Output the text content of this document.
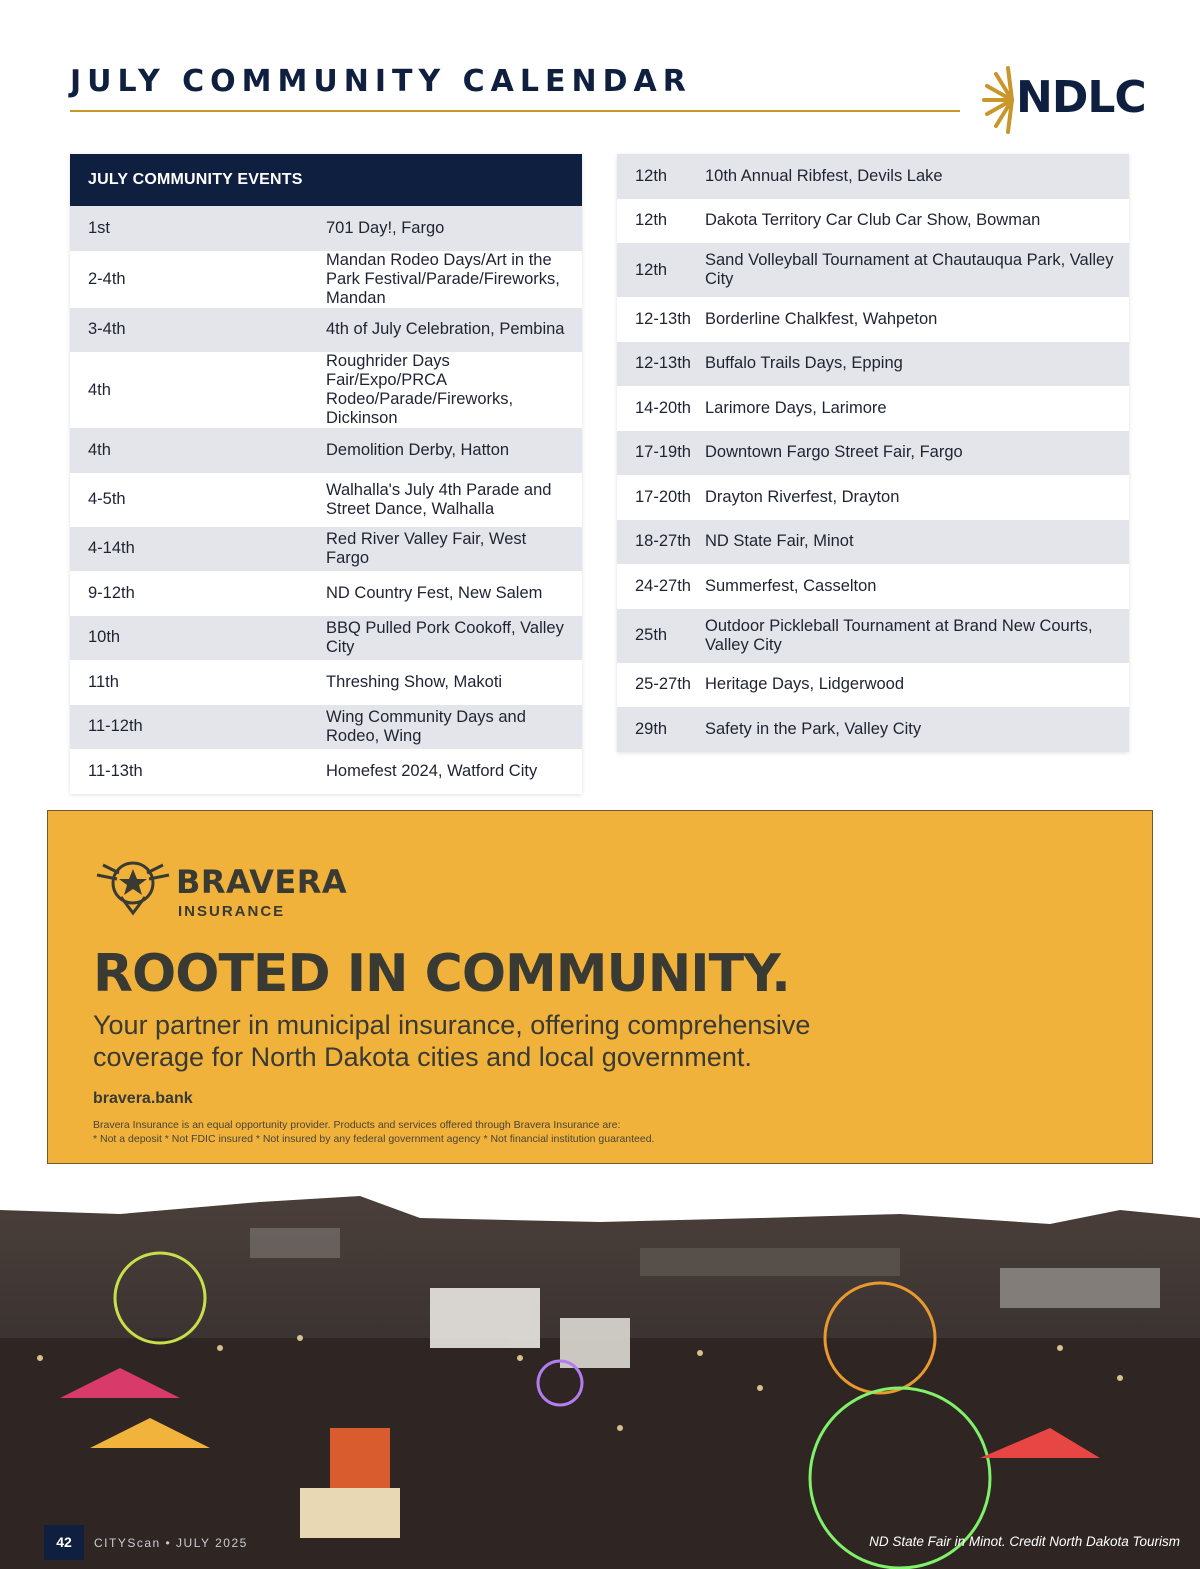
JULY COMMUNITY CALENDAR	NDLC
JULY COMMUNITY EVENTS	
1st	701 Day!, Fargo
2-4th	Mandan Rodeo Days/Art in the Park Festival/Parade/Fireworks, Mandan
3-4th	4th of July Celebration, Pembina
4th	Roughrider Days Fair/Expo/PRCA Rodeo/Parade/Fireworks, Dickinson
4th	Demolition Derby, Hatton
4-5th	Walhalla's July 4th Parade and Street Dance, Walhalla
4-14th	Red River Valley Fair, West Fargo
9-12th	ND Country Fest, New Salem
10th	BBQ Pulled Pork Cookoff, Valley City
11th	Threshing Show, Makoti
11-12th	Wing Community Days and Rodeo, Wing
11-13th	Homefest 2024, Watford City
12th	10th Annual Ribfest, Devils Lake
12th	Dakota Territory Car Club Car Show, Bowman
12th	Sand Volleyball Tournament at Chautauqua Park, Valley City
12-13th	Borderline Chalkfest, Wahpeton
12-13th	Buffalo Trails Days, Epping
14-20th	Larimore Days, Larimore
17-19th	Downtown Fargo Street Fair, Fargo
17-20th	Drayton Riverfest, Drayton
18-27th	ND State Fair, Minot
24-27th	Summerfest, Casselton
25th	Outdoor Pickleball Tournament at Brand New Courts, Valley City
25-27th	Heritage Days, Lidgerwood
29th	Safety in the Park, Valley City
BRAVERA
INSURANCE
ROOTED IN COMMUNITY.

Your partner in municipal insurance, offering comprehensive coverage for North Dakota cities and local government.

bravera.bank
Bravera Insurance is an equal opportunity provider. Products and services offered through Bravera Insurance are:
* Not a deposit * Not FDIC insured * Not insured by any federal government agency * Not financial institution guaranteed.
42	CITYScan • JULY 2025	ND State Fair in Minot. Credit North Dakota Tourism
